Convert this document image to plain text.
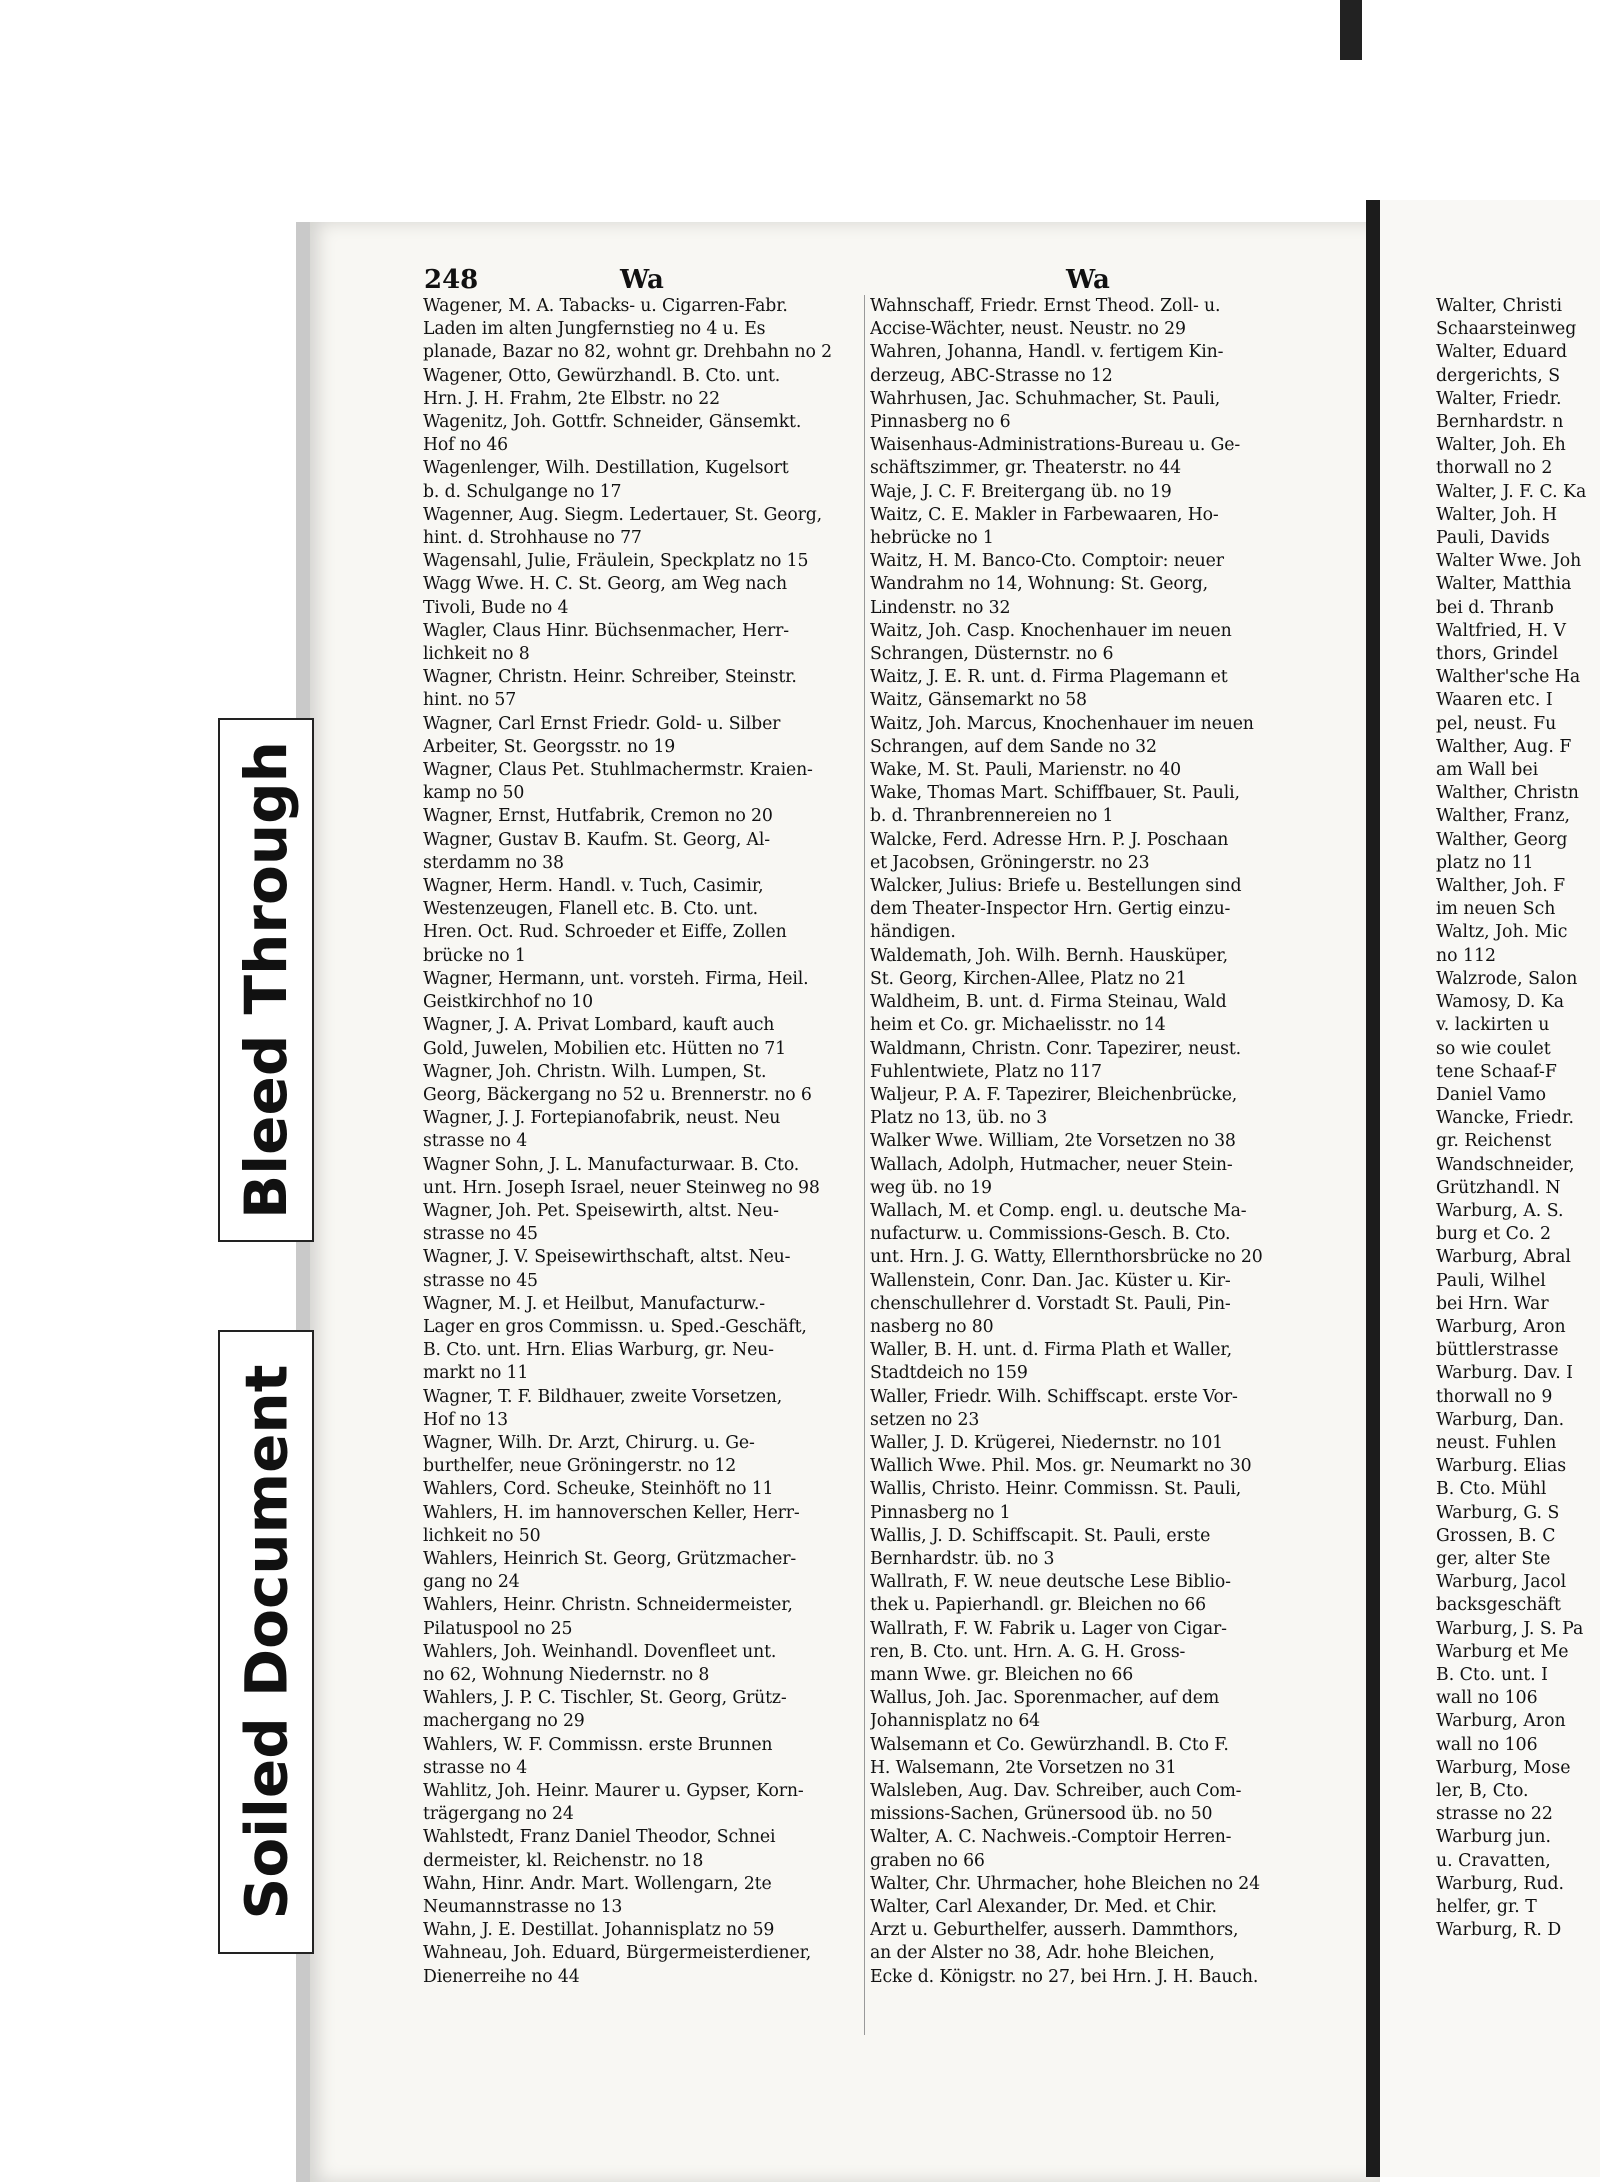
248	Wa	Wa

Wagener, M. A. Tabacks- u. Cigarren-Fabr.

Laden im alten Jungfernstieg no 4 u. Es

planade, Bazar no 82, wohnt gr. Drehbahn no 2

Wagener, Otto, Gewürzhandl. B. Cto. unt.

Hrn. J. H. Frahm, 2te Elbstr. no 22

Wagenitz, Joh. Gottfr. Schneider, Gänsemkt.

Hof no 46

Wagenlenger, Wilh. Destillation, Kugelsort

b. d. Schulgange no 17

Wagenner, Aug. Siegm. Ledertauer, St. Georg,

hint. d. Strohhause no 77

Wagensahl, Julie, Fräulein, Speckplatz no 15

Wagg Wwe. H. C. St. Georg, am Weg nach

Tivoli, Bude no 4

Wagler, Claus Hinr. Büchsenmacher, Herr-

lichkeit no 8

Wagner, Christn. Heinr. Schreiber, Steinstr.

hint. no 57

Wagner, Carl Ernst Friedr. Gold- u. Silber

Arbeiter, St. Georgsstr. no 19

Wagner, Claus Pet. Stuhlmachermstr. Kraien-

kamp no 50

Wagner, Ernst, Hutfabrik, Cremon no 20

Wagner, Gustav B. Kaufm. St. Georg, Al-

sterdamm no 38

Wagner, Herm. Handl. v. Tuch, Casimir,

Westenzeugen, Flanell etc. B. Cto. unt.

Hren. Oct. Rud. Schroeder et Eiffe, Zollen

brücke no 1

Wagner, Hermann, unt. vorsteh. Firma, Heil.

Geistkirchhof no 10

Wagner, J. A. Privat Lombard, kauft auch

Gold, Juwelen, Mobilien etc. Hütten no 71

Wagner, Joh. Christn. Wilh. Lumpen, St.

Georg, Bäckergang no 52 u. Brennerstr. no 6

Wagner, J. J. Fortepianofabrik, neust. Neu

strasse no 4

Wagner Sohn, J. L. Manufacturwaar. B. Cto.

unt. Hrn. Joseph Israel, neuer Steinweg no 98

Wagner, Joh. Pet. Speisewirth, altst. Neu-

strasse no 45

Wagner, J. V. Speisewirthschaft, altst. Neu-

strasse no 45

Wagner, M. J. et Heilbut, Manufacturw.-

Lager en gros Commissn. u. Sped.-Geschäft,

B. Cto. unt. Hrn. Elias Warburg, gr. Neu-

markt no 11

Wagner, T. F. Bildhauer, zweite Vorsetzen,

Hof no 13

Wagner, Wilh. Dr. Arzt, Chirurg. u. Ge-

burthelfer, neue Gröningerstr. no 12

Wahlers, Cord. Scheuke, Steinhöft no 11

Wahlers, H. im hannoverschen Keller, Herr-

lichkeit no 50

Wahlers, Heinrich St. Georg, Grützmacher-

gang no 24

Wahlers, Heinr. Christn. Schneidermeister,

Pilatuspool no 25

Wahlers, Joh. Weinhandl. Dovenfleet unt.

no 62, Wohnung Niedernstr. no 8

Wahlers, J. P. C. Tischler, St. Georg, Grütz-

machergang no 29

Wahlers, W. F. Commissn. erste Brunnen

strasse no 4

Wahlitz, Joh. Heinr. Maurer u. Gypser, Korn-

trägergang no 24

Wahlstedt, Franz Daniel Theodor, Schnei

dermeister, kl. Reichenstr. no 18

Wahn, Hinr. Andr. Mart. Wollengarn, 2te

Neumannstrasse no 13

Wahn, J. E. Destillat. Johannisplatz no 59

Wahneau, Joh. Eduard, Bürgermeisterdiener,

Dienerreihe no 44

Wahnschaff, Friedr. Ernst Theod. Zoll- u.

Accise-Wächter, neust. Neustr. no 29

Wahren, Johanna, Handl. v. fertigem Kin-

derzeug, ABC-Strasse no 12

Wahrhusen, Jac. Schuhmacher, St. Pauli,

Pinnasberg no 6

Waisenhaus-Administrations-Bureau u. Ge-

schäftszimmer, gr. Theaterstr. no 44

Waje, J. C. F. Breitergang üb. no 19

Waitz, C. E. Makler in Farbewaaren, Ho-

hebrücke no 1

Waitz, H. M. Banco-Cto. Comptoir: neuer

Wandrahm no 14, Wohnung: St. Georg,

Lindenstr. no 32

Waitz, Joh. Casp. Knochenhauer im neuen

Schrangen, Düsternstr. no 6

Waitz, J. E. R. unt. d. Firma Plagemann et

Waitz, Gänsemarkt no 58

Waitz, Joh. Marcus, Knochenhauer im neuen

Schrangen, auf dem Sande no 32

Wake, M. St. Pauli, Marienstr. no 40

Wake, Thomas Mart. Schiffbauer, St. Pauli,

b. d. Thranbrennereien no 1

Walcke, Ferd. Adresse Hrn. P. J. Poschaan

et Jacobsen, Gröningerstr. no 23

Walcker, Julius: Briefe u. Bestellungen sind

dem Theater-Inspector Hrn. Gertig einzu-

händigen.

Waldemath, Joh. Wilh. Bernh. Hausküper,

St. Georg, Kirchen-Allee, Platz no 21

Waldheim, B. unt. d. Firma Steinau, Wald

heim et Co. gr. Michaelisstr. no 14

Waldmann, Christn. Conr. Tapezirer, neust.

Fuhlentwiete, Platz no 117

Waljeur, P. A. F. Tapezirer, Bleichenbrücke,

Platz no 13, üb. no 3

Walker Wwe. William, 2te Vorsetzen no 38

Wallach, Adolph, Hutmacher, neuer Stein-

weg üb. no 19

Wallach, M. et Comp. engl. u. deutsche Ma-

nufacturw. u. Commissions-Gesch. B. Cto.

unt. Hrn. J. G. Watty, Ellernthorsbrücke no 20

Wallenstein, Conr. Dan. Jac. Küster u. Kir-

chenschullehrer d. Vorstadt St. Pauli, Pin-

nasberg no 80

Waller, B. H. unt. d. Firma Plath et Waller,

Stadtdeich no 159

Waller, Friedr. Wilh. Schiffscapt. erste Vor-

setzen no 23

Waller, J. D. Krügerei, Niedernstr. no 101

Wallich Wwe. Phil. Mos. gr. Neumarkt no 30

Wallis, Christo. Heinr. Commissn. St. Pauli,

Pinnasberg no 1

Wallis, J. D. Schiffscapit. St. Pauli, erste

Bernhardstr. üb. no 3

Wallrath, F. W. neue deutsche Lese Biblio-

thek u. Papierhandl. gr. Bleichen no 66

Wallrath, F. W. Fabrik u. Lager von Cigar-

ren, B. Cto. unt. Hrn. A. G. H. Gross-

mann Wwe. gr. Bleichen no 66

Wallus, Joh. Jac. Sporenmacher, auf dem

Johannisplatz no 64

Walsemann et Co. Gewürzhandl. B. Cto F.

H. Walsemann, 2te Vorsetzen no 31

Walsleben, Aug. Dav. Schreiber, auch Com-

missions-Sachen, Grünersood üb. no 50

Walter, A. C. Nachweis.-Comptoir Herren-

graben no 66

Walter, Chr. Uhrmacher, hohe Bleichen no 24

Walter, Carl Alexander, Dr. Med. et Chir.

Arzt u. Geburthelfer, ausserh. Dammthors,

an der Alster no 38, Adr. hohe Bleichen,

Ecke d. Königstr. no 27, bei Hrn. J. H. Bauch.

Walter, Christi

Schaarsteinweg

Walter, Eduard

dergerichts, S

Walter, Friedr.

Bernhardstr. n

Walter, Joh. Eh

thorwall no 2

Walter, J. F. C. Ka

Walter, Joh. H

Pauli, Davids

Walter Wwe. Joh

Walter, Matthia

bei d. Thranb

Waltfried, H. V

thors, Grindel

Walther'sche Ha

Waaren etc. I

pel, neust. Fu

Walther, Aug. F

am Wall bei

Walther, Christn

Walther, Franz,

Walther, Georg

platz no 11

Walther, Joh. F

im neuen Sch

Waltz, Joh. Mic

no 112

Walzrode, Salon

Wamosy, D. Ka

v. lackirten u

so wie coulet

tene Schaaf-F

Daniel Vamo

Wancke, Friedr.

gr. Reichenst

Wandschneider,

Grützhandl. N

Warburg, A. S.

burg et Co. 2

Warburg, Abral

Pauli, Wilhel

bei Hrn. War

Warburg, Aron

büttlerstrasse

Warburg. Dav. I

thorwall no 9

Warburg, Dan.

neust. Fuhlen

Warburg. Elias

B. Cto. Mühl

Warburg, G. S

Grossen, B. C

ger, alter Ste

Warburg, Jacol

backsgeschäft

Warburg, J. S. Pa

Warburg et Me

B. Cto. unt. I

wall no 106

Warburg, Aron

wall no 106

Warburg, Mose

ler, B, Cto.

strasse no 22

Warburg jun.

u. Cravatten,

Warburg, Rud.

helfer, gr. T

Warburg, R. D

Bleed Through
Soiled Document
